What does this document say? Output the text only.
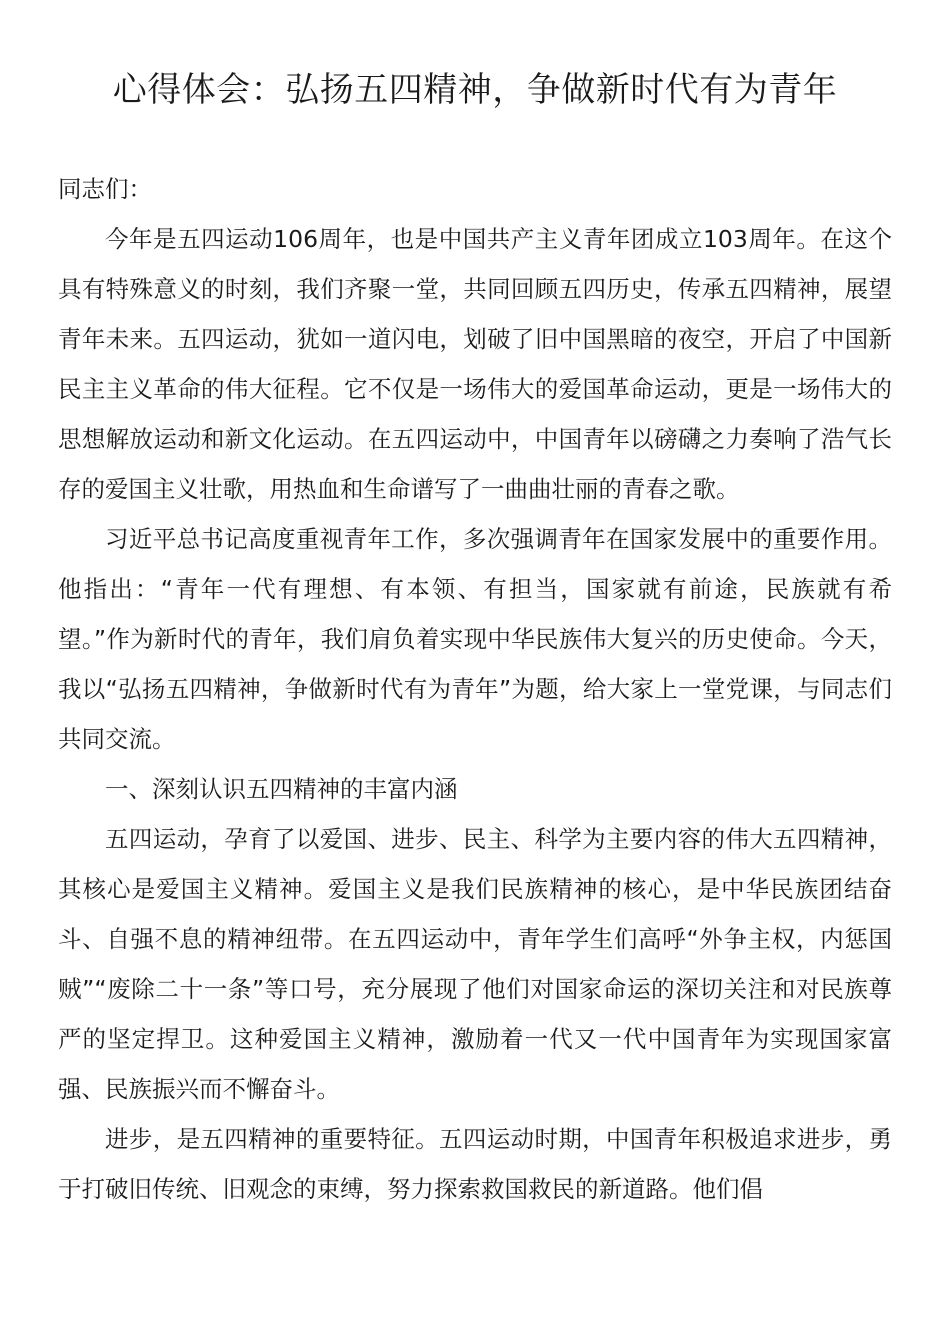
心得体会：弘扬五四精神，争做新时代有为青年

同志们：

今年是五四运动106周年，也是中国共产主义青年团成立103周年。在这个具有特殊意义的时刻，我们齐聚一堂，共同回顾五四历史，传承五四精神，展望青年未来。五四运动，犹如一道闪电，划破了旧中国黑暗的夜空，开启了中国新民主主义革命的伟大征程。它不仅是一场伟大的爱国革命运动，更是一场伟大的思想解放运动和新文化运动。在五四运动中，中国青年以磅礴之力奏响了浩气长存的爱国主义壮歌，用热血和生命谱写了一曲曲壮丽的青春之歌。

习近平总书记高度重视青年工作，多次强调青年在国家发展中的重要作用。他指出：“青年一代有理想、有本领、有担当，国家就有前途，民族就有希望。”作为新时代的青年，我们肩负着实现中华民族伟大复兴的历史使命。今天，我以“弘扬五四精神，争做新时代有为青年”为题，给大家上一堂党课，与同志们共同交流。

一、深刻认识五四精神的丰富内涵

五四运动，孕育了以爱国、进步、民主、科学为主要内容的伟大五四精神，其核心是爱国主义精神。爱国主义是我们民族精神的核心，是中华民族团结奋斗、自强不息的精神纽带。在五四运动中，青年学生们高呼“外争主权，内惩国贼”“废除二十一条”等口号，充分展现了他们对国家命运的深切关注和对民族尊严的坚定捍卫。这种爱国主义精神，激励着一代又一代中国青年为实现国家富强、民族振兴而不懈奋斗。

进步，是五四精神的重要特征。五四运动时期，中国青年积极追求进步，勇于打破旧传统、旧观念的束缚，努力探索救国救民的新道路。他们倡
